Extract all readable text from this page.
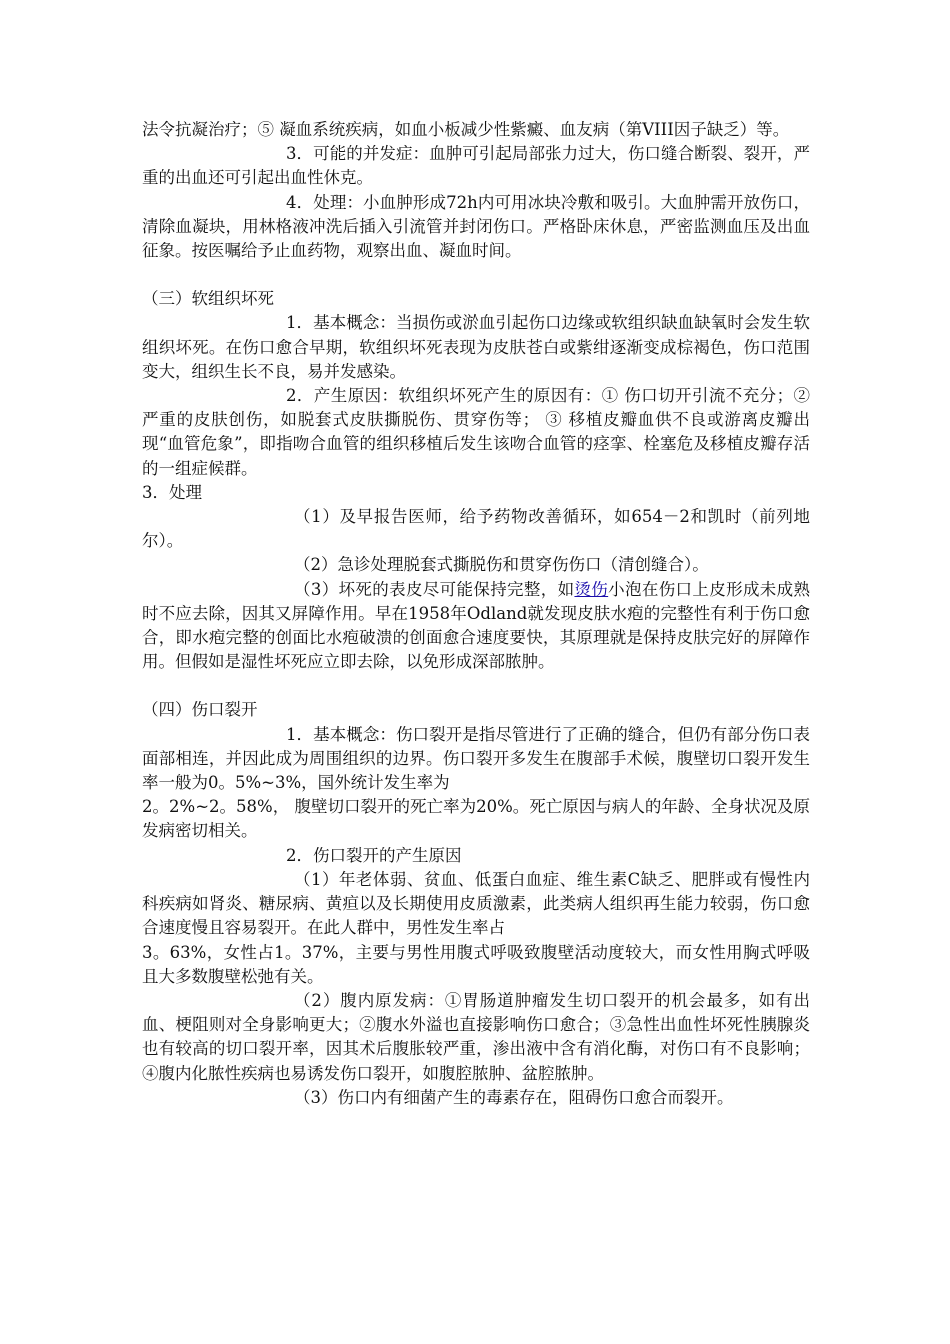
法令抗凝治疗；⑤ 凝血系统疾病，如血小板减少性紫癜、血友病（第VIII因子缺乏）等。

3．可能的并发症：血肿可引起局部张力过大，伤口缝合断裂、裂开，严重的出血还可引起出血性休克。

4．处理：小血肿形成72h内可用冰块冷敷和吸引。大血肿需开放伤口，清除血凝块，用林格液冲洗后插入引流管并封闭伤口。严格卧床休息，严密监测血压及出血征象。按医嘱给予止血药物，观察出血、凝血时间。

（三）软组织坏死

1．基本概念：当损伤或淤血引起伤口边缘或软组织缺血缺氧时会发生软组织坏死。在伤口愈合早期，软组织坏死表现为皮肤苍白或紫绀逐渐变成棕褐色，伤口范围变大，组织生长不良，易并发感染。

2．产生原因：软组织坏死产生的原因有：① 伤口切开引流不充分；② 严重的皮肤创伤，如脱套式皮肤撕脱伤、贯穿伤等； ③ 移植皮瓣血供不良或游离皮瓣出现“血管危象”，即指吻合血管的组织移植后发生该吻合血管的痉挛、栓塞危及移植皮瓣存活的一组症候群。

3．处理

（1）及早报告医师，给予药物改善循环，如654－2和凯时（前列地尔）。

（2）急诊处理脱套式撕脱伤和贯穿伤伤口（清创缝合）。

（3）坏死的表皮尽可能保持完整，如烫伤小泡在伤口上皮形成未成熟时不应去除，因其又屏障作用。早在1958年Odland就发现皮肤水疱的完整性有利于伤口愈合，即水疱完整的创面比水疱破溃的创面愈合速度要快，其原理就是保持皮肤完好的屏障作用。但假如是湿性坏死应立即去除，以免形成深部脓肿。

（四）伤口裂开

1．基本概念：伤口裂开是指尽管进行了正确的缝合，但仍有部分伤口表面部相连，并因此成为周围组织的边界。伤口裂开多发生在腹部手术候，腹壁切口裂开发生率一般为0。5%~3%，国外统计发生率为

2。2%~2。58%， 腹壁切口裂开的死亡率为20%。死亡原因与病人的年龄、全身状况及原发病密切相关。

2．伤口裂开的产生原因

（1）年老体弱、贫血、低蛋白血症、维生素C缺乏、肥胖或有慢性内科疾病如肾炎、糖尿病、黄疸以及长期使用皮质激素，此类病人组织再生能力较弱，伤口愈合速度慢且容易裂开。在此人群中，男性发生率占

3。63%，女性占1。37%，主要与男性用腹式呼吸致腹壁活动度较大，而女性用胸式呼吸且大多数腹壁松弛有关。

（2）腹内原发病：①胃肠道肿瘤发生切口裂开的机会最多，如有出血、梗阻则对全身影响更大；②腹水外溢也直接影响伤口愈合；③急性出血性坏死性胰腺炎也有较高的切口裂开率，因其术后腹胀较严重，渗出液中含有消化酶，对伤口有不良影响；④腹内化脓性疾病也易诱发伤口裂开，如腹腔脓肿、盆腔脓肿。

（3）伤口内有细菌产生的毒素存在，阻碍伤口愈合而裂开。
